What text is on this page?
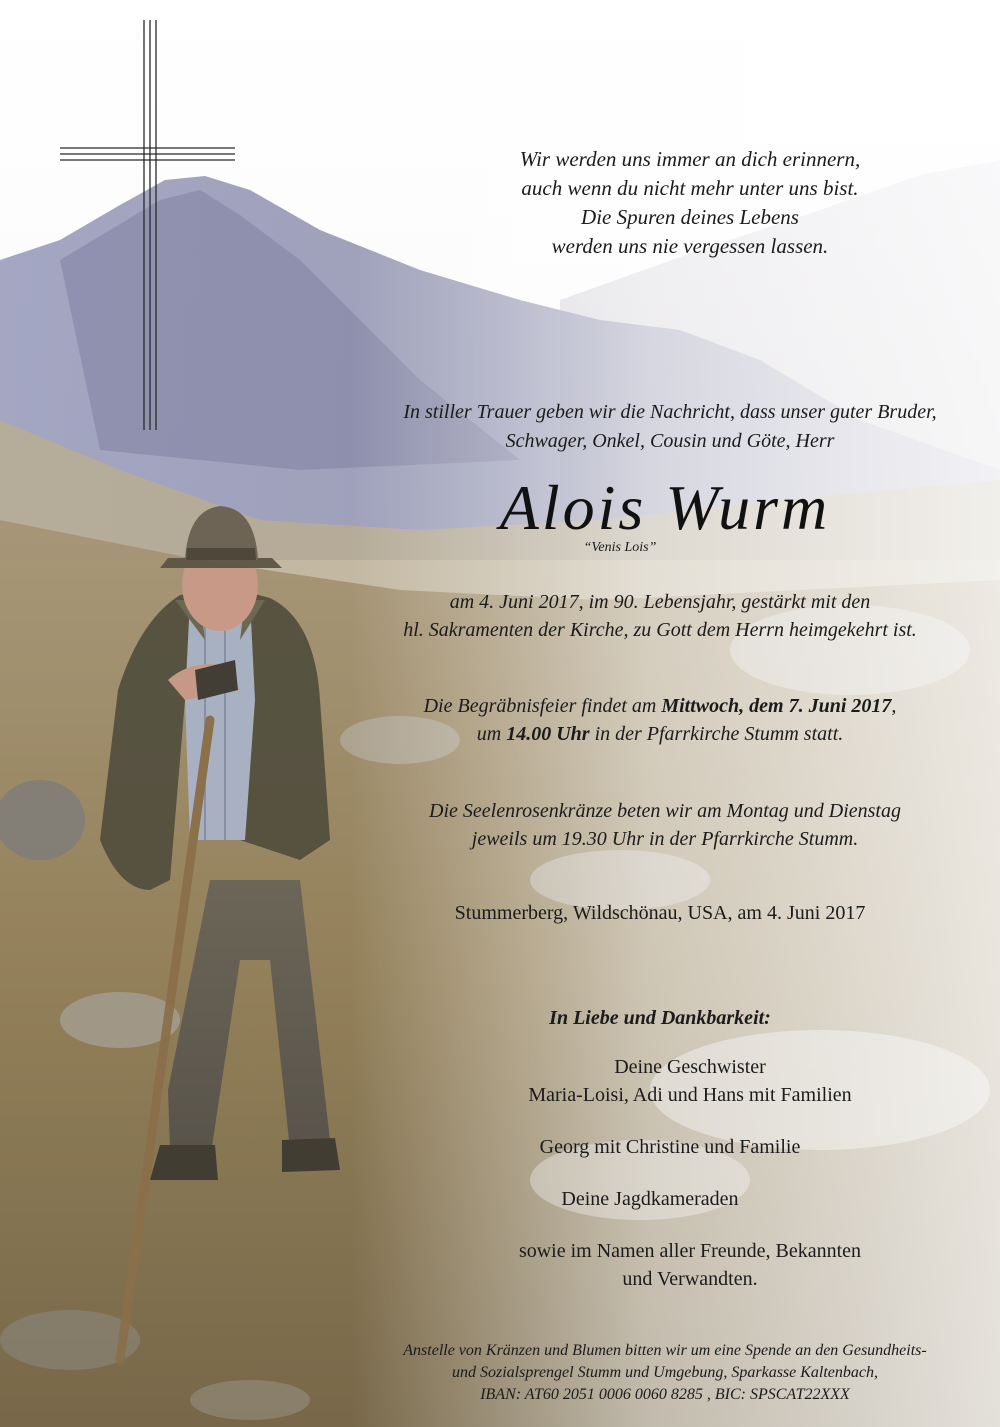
Wir werden uns immer an dich erinnern,
auch wenn du nicht mehr unter uns bist.
Die Spuren deines Lebens
werden uns nie vergessen lassen.

In stiller Trauer geben wir die Nachricht, dass unser guter Bruder,
Schwager, Onkel, Cousin und Göte, Herr

Alois Wurm

“Venis Lois”

am 4. Juni 2017, im 90. Lebensjahr, gestärkt mit den
hl. Sakramenten der Kirche, zu Gott dem Herrn heimgekehrt ist.

Die Begräbnisfeier findet am Mittwoch, dem 7. Juni 2017,
um 14.00 Uhr in der Pfarrkirche Stumm statt.

Die Seelenrosenkränze beten wir am Montag und Dienstag
jeweils um 19.30 Uhr in der Pfarrkirche Stumm.

Stummerberg, Wildschönau, USA, am 4. Juni 2017

In Liebe und Dankbarkeit:

Deine Geschwister
Maria-Loisi, Adi und Hans mit Familien

Georg mit Christine und Familie

Deine Jagdkameraden

sowie im Namen aller Freunde, Bekannten
und Verwandten.

Anstelle von Kränzen und Blumen bitten wir um eine Spende an den Gesundheits-
und Sozialsprengel Stumm und Umgebung, Sparkasse Kaltenbach,
IBAN: AT60 2051 0006 0060 8285 , BIC: SPSCAT22XXX
